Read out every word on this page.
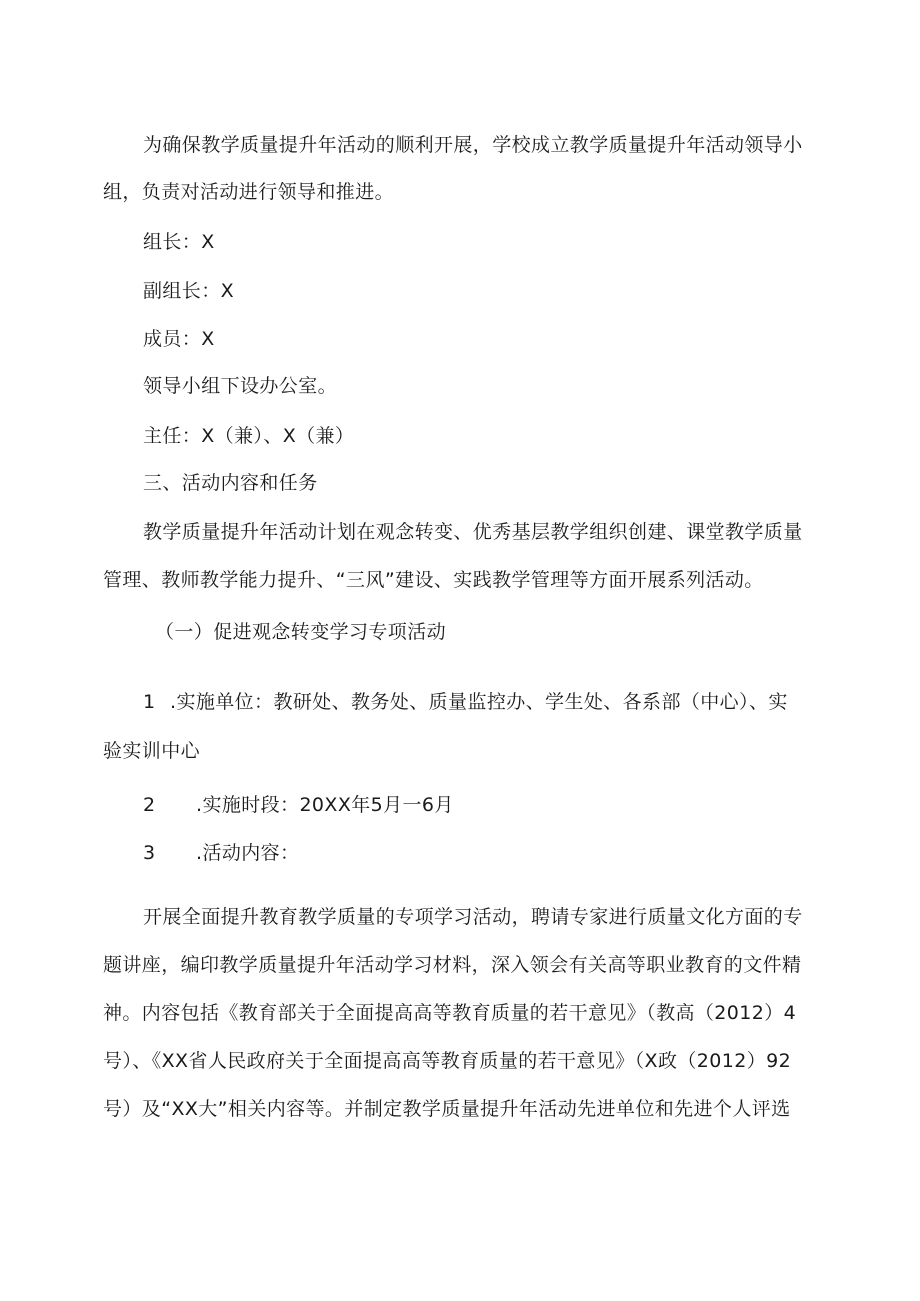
为确保教学质量提升年活动的顺利开展，学校成立教学质量提升年活动领导小
组，负责对活动进行领导和推进。
组长：X
副组长：X
成员：X
领导小组下设办公室。
主任：X（兼）、X（兼）
三、活动内容和任务
教学质量提升年活动计划在观念转变、优秀基层教学组织创建、课堂教学质量
管理、教师教学能力提升、“三风”建设、实践教学管理等方面开展系列活动。
（一）促进观念转变学习专项活动
1 .实施单位：教研处、教务处、质量监控办、学生处、各系部（中心）、实
验实训中心
2 .实施时段：20XX年5月一6月
3 .活动内容：
开展全面提升教育教学质量的专项学习活动，聘请专家进行质量文化方面的专
题讲座，编印教学质量提升年活动学习材料，深入领会有关高等职业教育的文件精
神。内容包括《教育部关于全面提高高等教育质量的若干意见》（教高（2012）4
号）、《XX省人民政府关于全面提高高等教育质量的若干意见》（X政（2012）92
号）及“XX大”相关内容等。并制定教学质量提升年活动先进单位和先进个人评选
